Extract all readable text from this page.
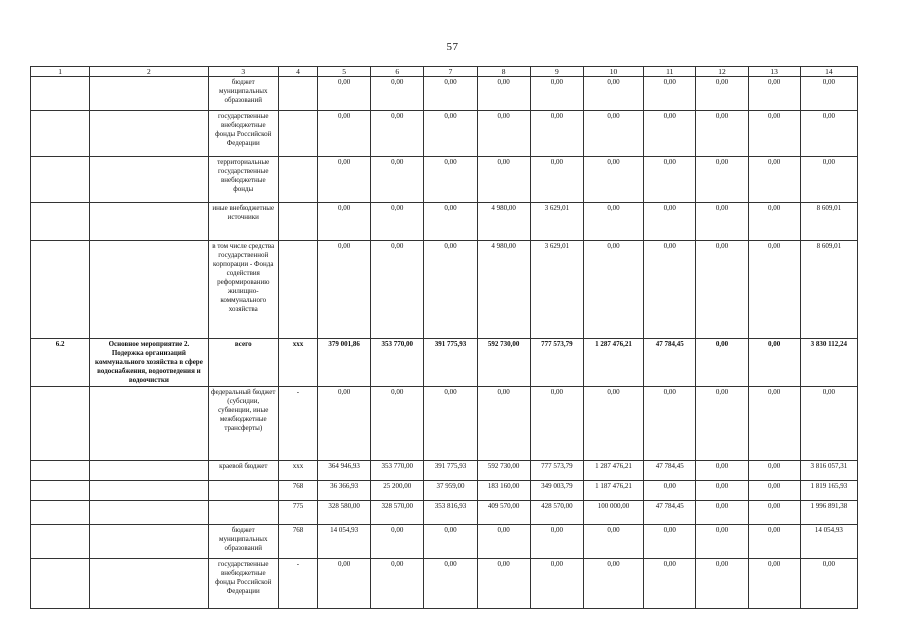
57
1	2	3	4	5	6	7	8	9	10	11	12	13	14
		бюджет муниципальных образований		0,00	0,00	0,00	0,00	0,00	0,00	0,00	0,00	0,00	0,00
		государственные внебюджетные фонды Российской Федерации		0,00	0,00	0,00	0,00	0,00	0,00	0,00	0,00	0,00	0,00
		территориальные государственные внебюджетные фонды		0,00	0,00	0,00	0,00	0,00	0,00	0,00	0,00	0,00	0,00
		иные внебюджетные источники		0,00	0,00	0,00	4 980,00	3 629,01	0,00	0,00	0,00	0,00	8 609,01
		в том числе средства государственной корпорации - Фонда содействия реформированию жилищно-коммунального хозяйства		0,00	0,00	0,00	4 980,00	3 629,01	0,00	0,00	0,00	0,00	8 609,01
6.2	Основное мероприятие 2. Подержка организаций коммунального хозяйства в сфере водоснабжения, водоотведения и водоочистки	всего	xxx	379 001,86	353 770,00	391 775,93	592 730,00	777 573,79	1 287 476,21	47 784,45	0,00	0,00	3 830 112,24
		федеральный бюджет (субсидии, субвенции, иные межбюджетные трансферты)	-	0,00	0,00	0,00	0,00	0,00	0,00	0,00	0,00	0,00	0,00
		краевой бюджет	xxx	364 946,93	353 770,00	391 775,93	592 730,00	777 573,79	1 287 476,21	47 784,45	0,00	0,00	3 816 057,31
			768	36 366,93	25 200,00	37 959,00	183 160,00	349 003,79	1 187 476,21	0,00	0,00	0,00	1 819 165,93
			775	328 580,00	328 570,00	353 816,93	409 570,00	428 570,00	100 000,00	47 784,45	0,00	0,00	1 996 891,38
		бюджет муниципальных образований	768	14 054,93	0,00	0,00	0,00	0,00	0,00	0,00	0,00	0,00	14 054,93
		государственные внебюджетные фонды Российской Федерации	-	0,00	0,00	0,00	0,00	0,00	0,00	0,00	0,00	0,00	0,00
